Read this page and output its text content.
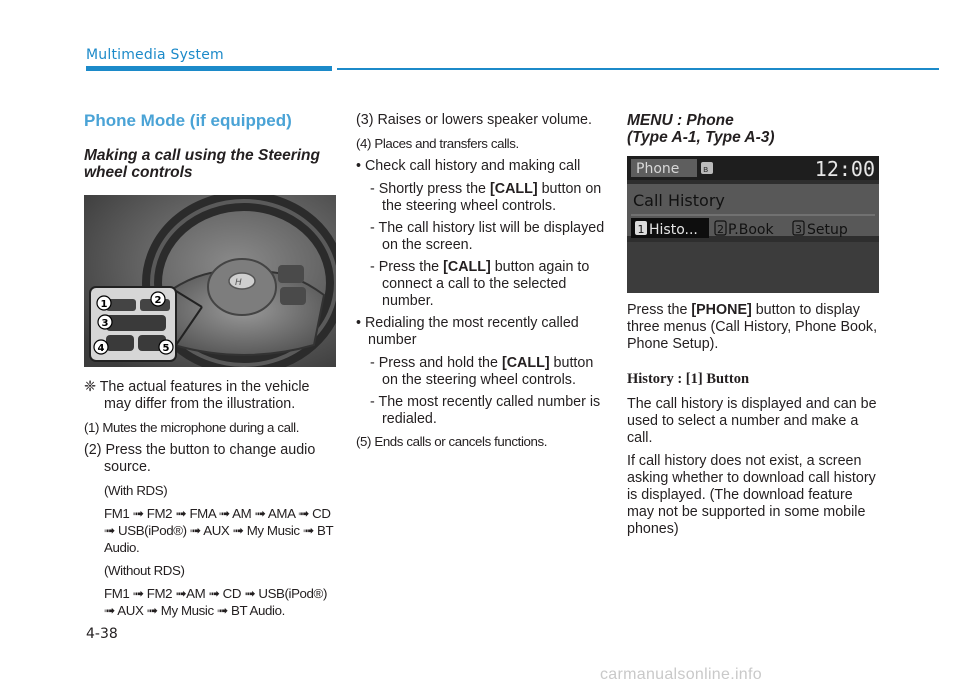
Multimedia System
Phone Mode (if equipped)
Making a call using the Steering wheel controls
H
1	2
3
4	5
❈ The actual features in the vehicle may differ from the illustration.
(1) Mutes the microphone during a call.
(2) Press the button to change audio source.
(With RDS)
FM1 ➟ FM2 ➟ FMA ➟ AM ➟ AMA ➟ CD ➟ USB(iPod®) ➟ AUX ➟ My Music ➟ BT Audio.
(Without RDS)
FM1 ➟ FM2 ➟AM ➟ CD ➟ USB(iPod®) ➟ AUX ➟ My Music ➟ BT Audio.
(3) Raises or lowers speaker volume.
(4) Places and transfers calls.
• Check call history and making call
- Shortly press the [CALL] button on the steering wheel controls.
- The call history list will be displayed on the screen.
- Press the [CALL] button again to connect a call to the selected number.
• Redialing the most recently called number
- Press and hold the [CALL] button on the steering wheel controls.
- The most recently called number is redialed.
(5) Ends calls or cancels functions.
MENU : Phone
(Type A-1, Type A-3)
Phone	ʙ	12:00
Call History
1 Histo... 2 P.Book 3 Setup
Press the [PHONE] button to display three menus (Call History, Phone Book, Phone Setup).
History : [1] Button
The call history is displayed and can be used to select a number and make a call.
If call history does not exist, a screen asking whether to download call history is displayed. (The download feature may not be supported in some mobile phones)
4-38
carmanualsonline.info
